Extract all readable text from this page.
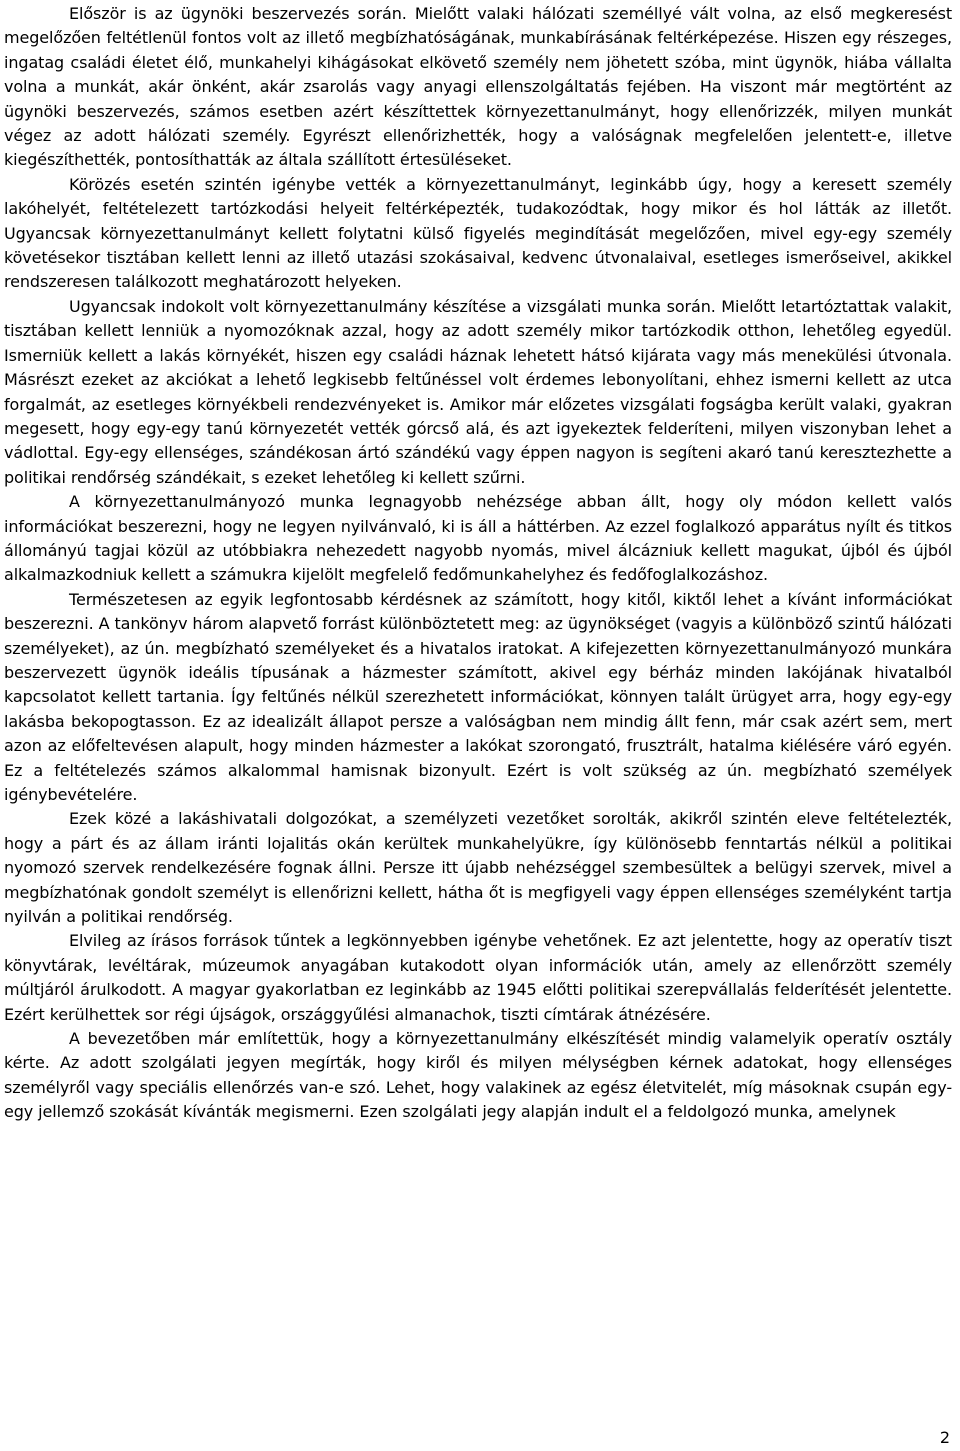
Először is az ügynöki beszervezés során. Mielőtt valaki hálózati személlyé vált volna, az első megkeresést megelőzően feltétlenül fontos volt az illető megbízhatóságának, munkabírásának feltérképezése. Hiszen egy részeges, ingatag családi életet élő, munkahelyi kihágásokat elkövető személy nem jöhetett szóba, mint ügynök, hiába vállalta volna a munkát, akár önként, akár zsarolás vagy anyagi ellenszolgáltatás fejében. Ha viszont már megtörtént az ügynöki beszervezés, számos esetben azért készíttettek környezettanulmányt, hogy ellenőrizzék, milyen munkát végez az adott hálózati személy. Egyrészt ellenőrizhették, hogy a valóságnak megfelelően jelentett-e, illetve kiegészíthették, pontosíthatták az általa szállított értesüléseket.

Körözés esetén szintén igénybe vették a környezettanulmányt, leginkább úgy, hogy a keresett személy lakóhelyét, feltételezett tartózkodási helyeit feltérképezték, tudakozódtak, hogy mikor és hol látták az illetőt. Ugyancsak környezettanulmányt kellett folytatni külső figyelés megindítását megelőzően, mivel egy-egy személy követésekor tisztában kellett lenni az illető utazási szokásaival, kedvenc útvonalaival, esetleges ismerőseivel, akikkel rendszeresen találkozott meghatározott helyeken.

Ugyancsak indokolt volt környezettanulmány készítése a vizsgálati munka során. Mielőtt letartóztattak valakit, tisztában kellett lenniük a nyomozóknak azzal, hogy az adott személy mikor tartózkodik otthon, lehetőleg egyedül. Ismerniük kellett a lakás környékét, hiszen egy családi háznak lehetett hátsó kijárata vagy más menekülési útvonala. Másrészt ezeket az akciókat a lehető legkisebb feltűnéssel volt érdemes lebonyolítani, ehhez ismerni kellett az utca forgalmát, az esetleges környékbeli rendezvényeket is. Amikor már előzetes vizsgálati fogságba került valaki, gyakran megesett, hogy egy-egy tanú környezetét vették górcső alá, és azt igyekeztek felderíteni, milyen viszonyban lehet a vádlottal. Egy-egy ellenséges, szándékosan ártó szándékú vagy éppen nagyon is segíteni akaró tanú keresztezhette a politikai rendőrség szándékait, s ezeket lehetőleg ki kellett szűrni.

A környezettanulmányozó munka legnagyobb nehézsége abban állt, hogy oly módon kellett valós információkat beszerezni, hogy ne legyen nyilvánvaló, ki is áll a háttérben. Az ezzel foglalkozó apparátus nyílt és titkos állományú tagjai közül az utóbbiakra nehezedett nagyobb nyomás, mivel álcázniuk kellett magukat, újból és újból alkalmazkodniuk kellett a számukra kijelölt megfelelő fedőmunkahelyhez és fedőfoglalkozáshoz.

Természetesen az egyik legfontosabb kérdésnek az számított, hogy kitől, kiktől lehet a kívánt információkat beszerezni. A tankönyv három alapvető forrást különböztetett meg: az ügynökséget (vagyis a különböző szintű hálózati személyeket), az ún. megbízható személyeket és a hivatalos iratokat. A kifejezetten környezettanulmányozó munkára beszervezett ügynök ideális típusának a házmester számított, akivel egy bérház minden lakójának hivatalból kapcsolatot kellett tartania. Így feltűnés nélkül szerezhetett információkat, könnyen talált ürügyet arra, hogy egy-egy lakásba bekopogtasson. Ez az idealizált állapot persze a valóságban nem mindig állt fenn, már csak azért sem, mert azon az előfeltevésen alapult, hogy minden házmester a lakókat szorongató, frusztrált, hatalma kiélésére váró egyén. Ez a feltételezés számos alkalommal hamisnak bizonyult. Ezért is volt szükség az ún. megbízható személyek igénybevételére.

Ezek közé a lakáshivatali dolgozókat, a személyzeti vezetőket sorolták, akikről szintén eleve feltételezték, hogy a párt és az állam iránti lojalitás okán kerültek munkahelyükre, így különösebb fenntartás nélkül a politikai nyomozó szervek rendelkezésére fognak állni. Persze itt újabb nehézséggel szembesültek a belügyi szervek, mivel a megbízhatónak gondolt személyt is ellenőrizni kellett, hátha őt is megfigyeli vagy éppen ellenséges személyként tartja nyilván a politikai rendőrség.

Elvileg az írásos források tűntek a legkönnyebben igénybe vehetőnek. Ez azt jelentette, hogy az operatív tiszt könyvtárak, levéltárak, múzeumok anyagában kutakodott olyan információk után, amely az ellenőrzött személy múltjáról árulkodott. A magyar gyakorlatban ez leginkább az 1945 előtti politikai szerepvállalás felderítését jelentette. Ezért kerülhettek sor régi újságok, országgyűlési almanachok, tiszti címtárak átnézésére.

A bevezetőben már említettük, hogy a környezettanulmány elkészítését mindig valamelyik operatív osztály kérte. Az adott szolgálati jegyen megírták, hogy kiről és milyen mélységben kérnek adatokat, hogy ellenséges személyről vagy speciális ellenőrzés van-e szó. Lehet, hogy valakinek az egész életvitelét, míg másoknak csupán egy-egy jellemző szokását kívánták megismerni. Ezen szolgálati jegy alapján indult el a feldolgozó munka, amelynek

2
